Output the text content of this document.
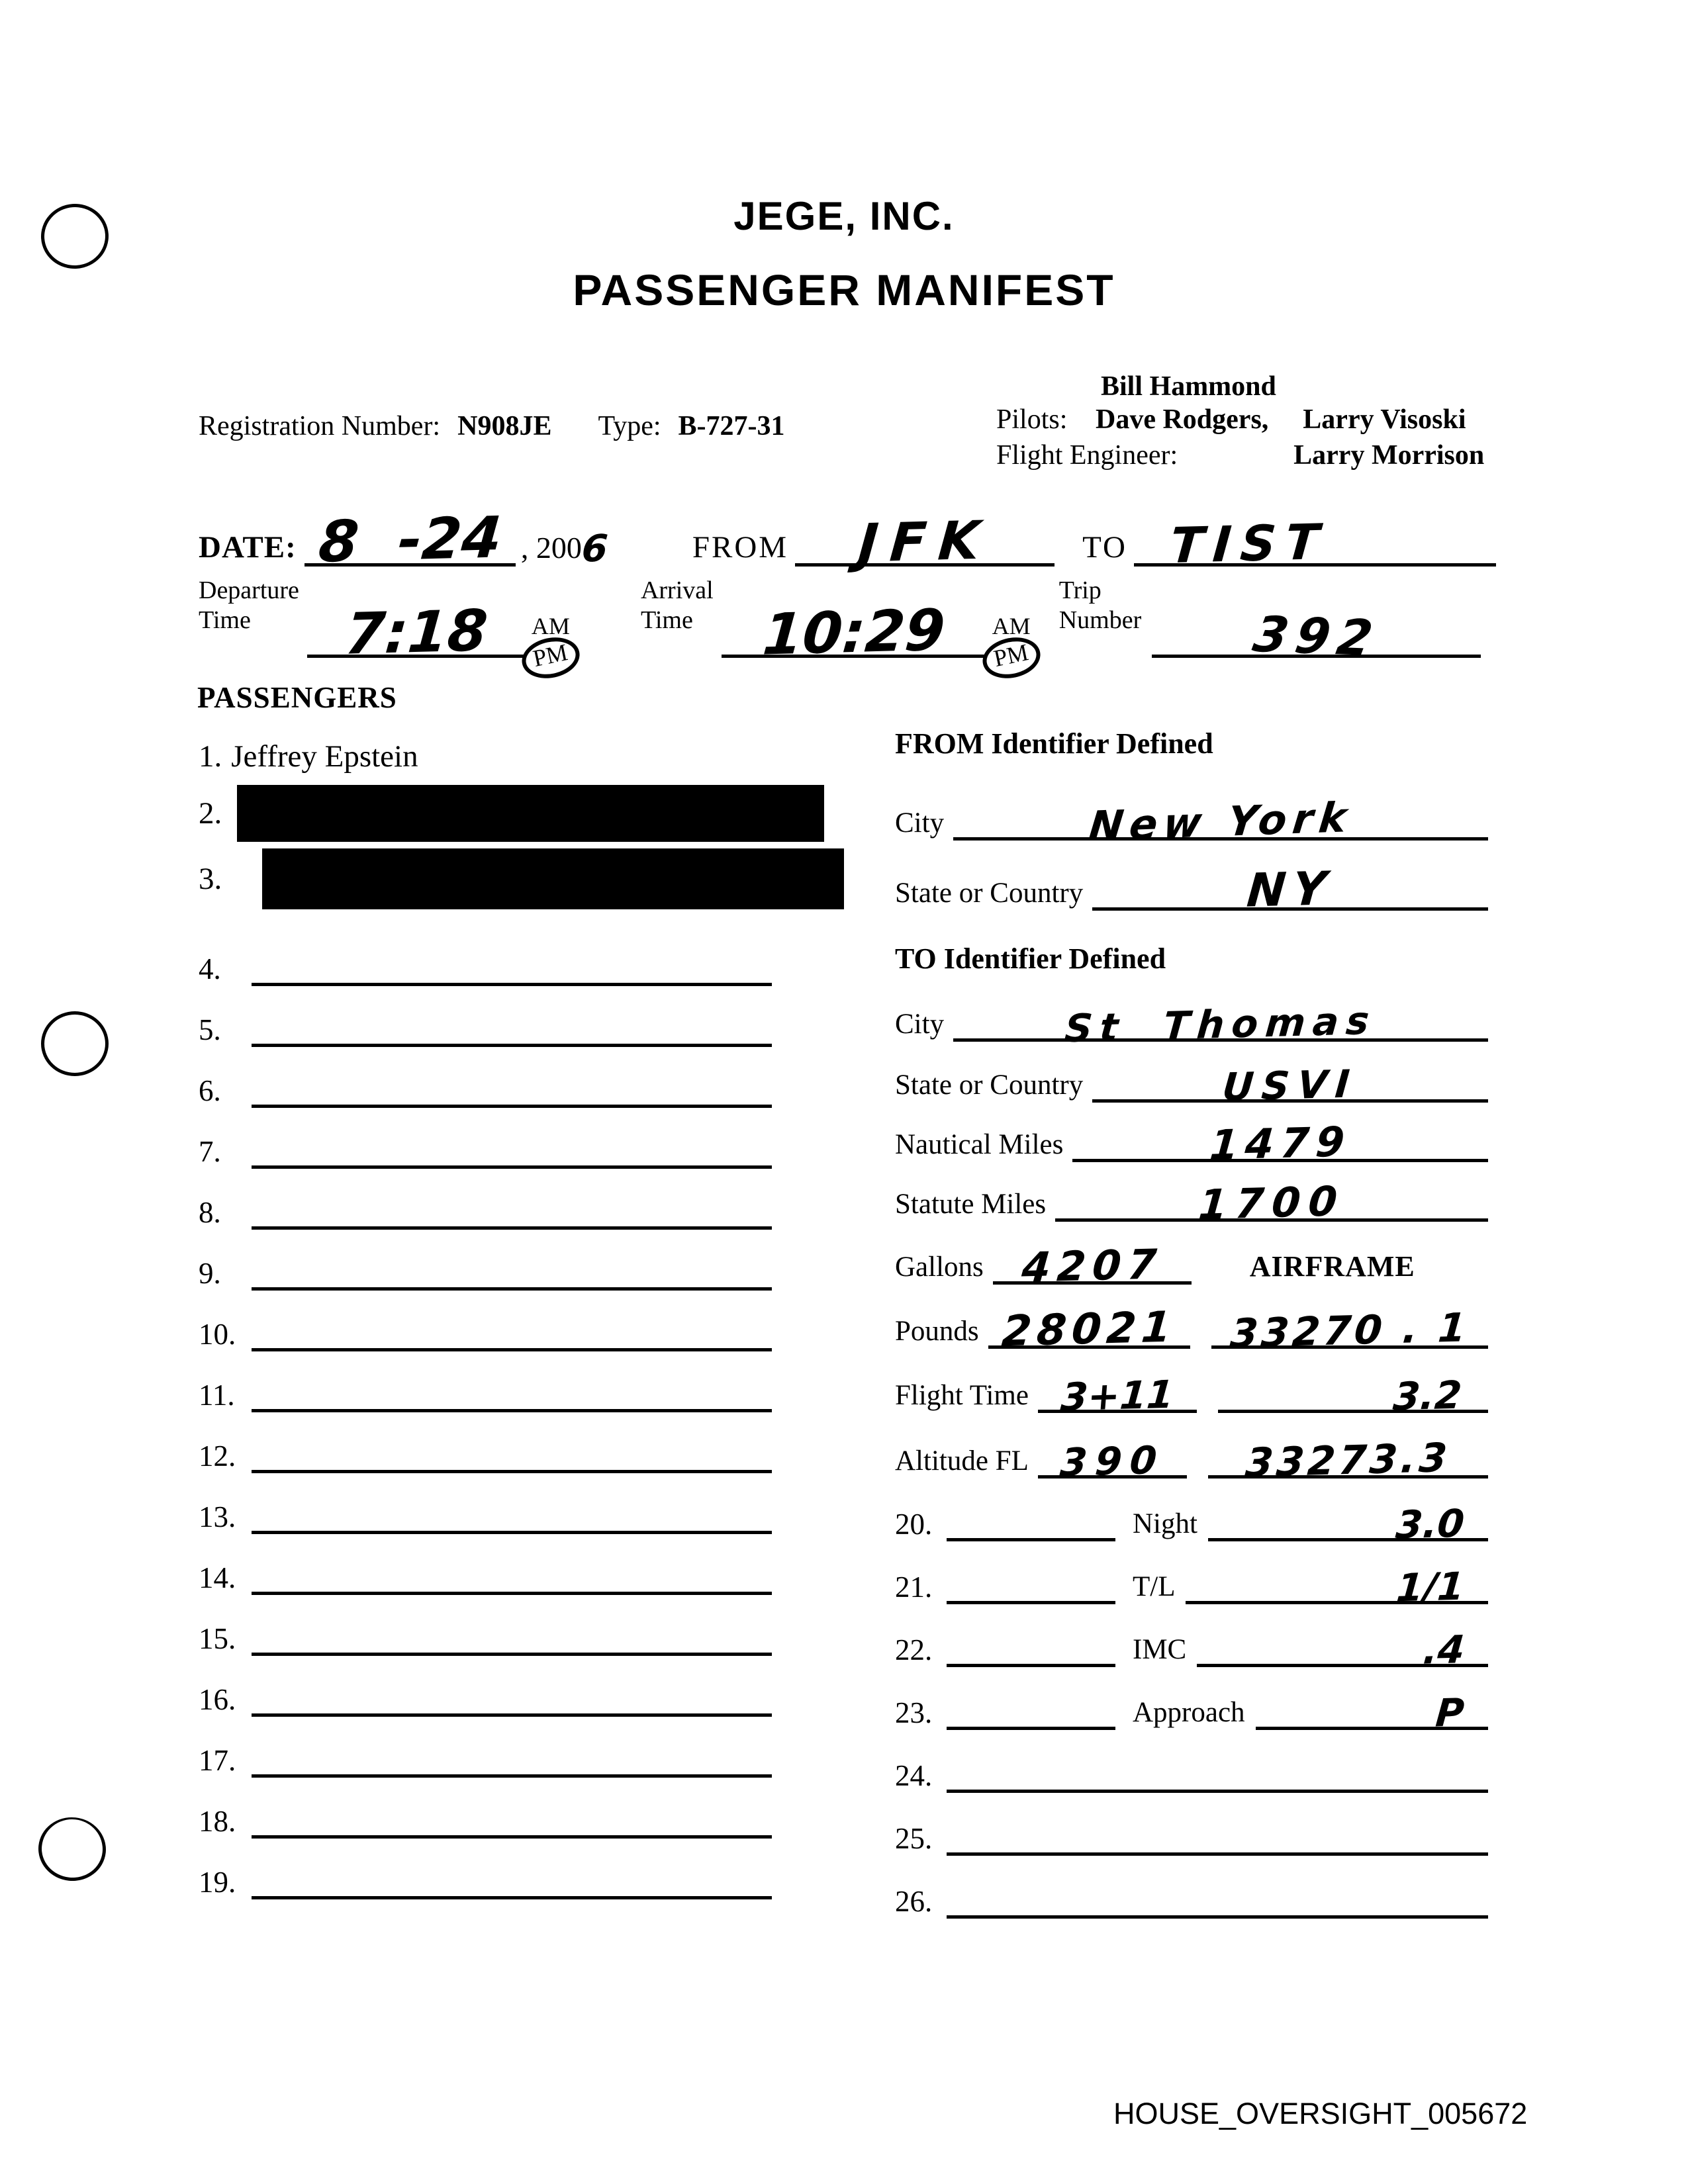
JEGE, INC.
PASSENGER MANIFEST
Registration Number: N908JE Type: B-727-31
Bill Hammond
Pilots: Dave Rodgers, Larry Visoski
Flight Engineer:	Larry Morrison
DATE: 8  -24 , 200
6	FROM JFK	TO TIST
Departure
Time	7:18 AM
PM
Arrival
Time	10:29 AM
PM
Trip
Number 392
PASSENGERS
1. Jeffrey Epstein
2.
3.
4.
5.
6.
7.
8.
9.
10.
11.
12.
13.
14.
15.
16.
17.
18.
19.
FROM Identifier Defined
City	New York
State or Country	NY
TO Identifier Defined
City	St Thomas
State or Country	USVI
Nautical Miles	1479
Statute Miles	1700
Gallons 4207	AIRFRAME
Pounds 28021 33270 . 1
Flight Time 3+11	3.2
Altitude FL 390 33273.3
20.	Night	3.0
21.	T/L	1/1
22.	IMC	.4
23.	Approach	P
24.
25.
26.
HOUSE_OVERSIGHT_005672
